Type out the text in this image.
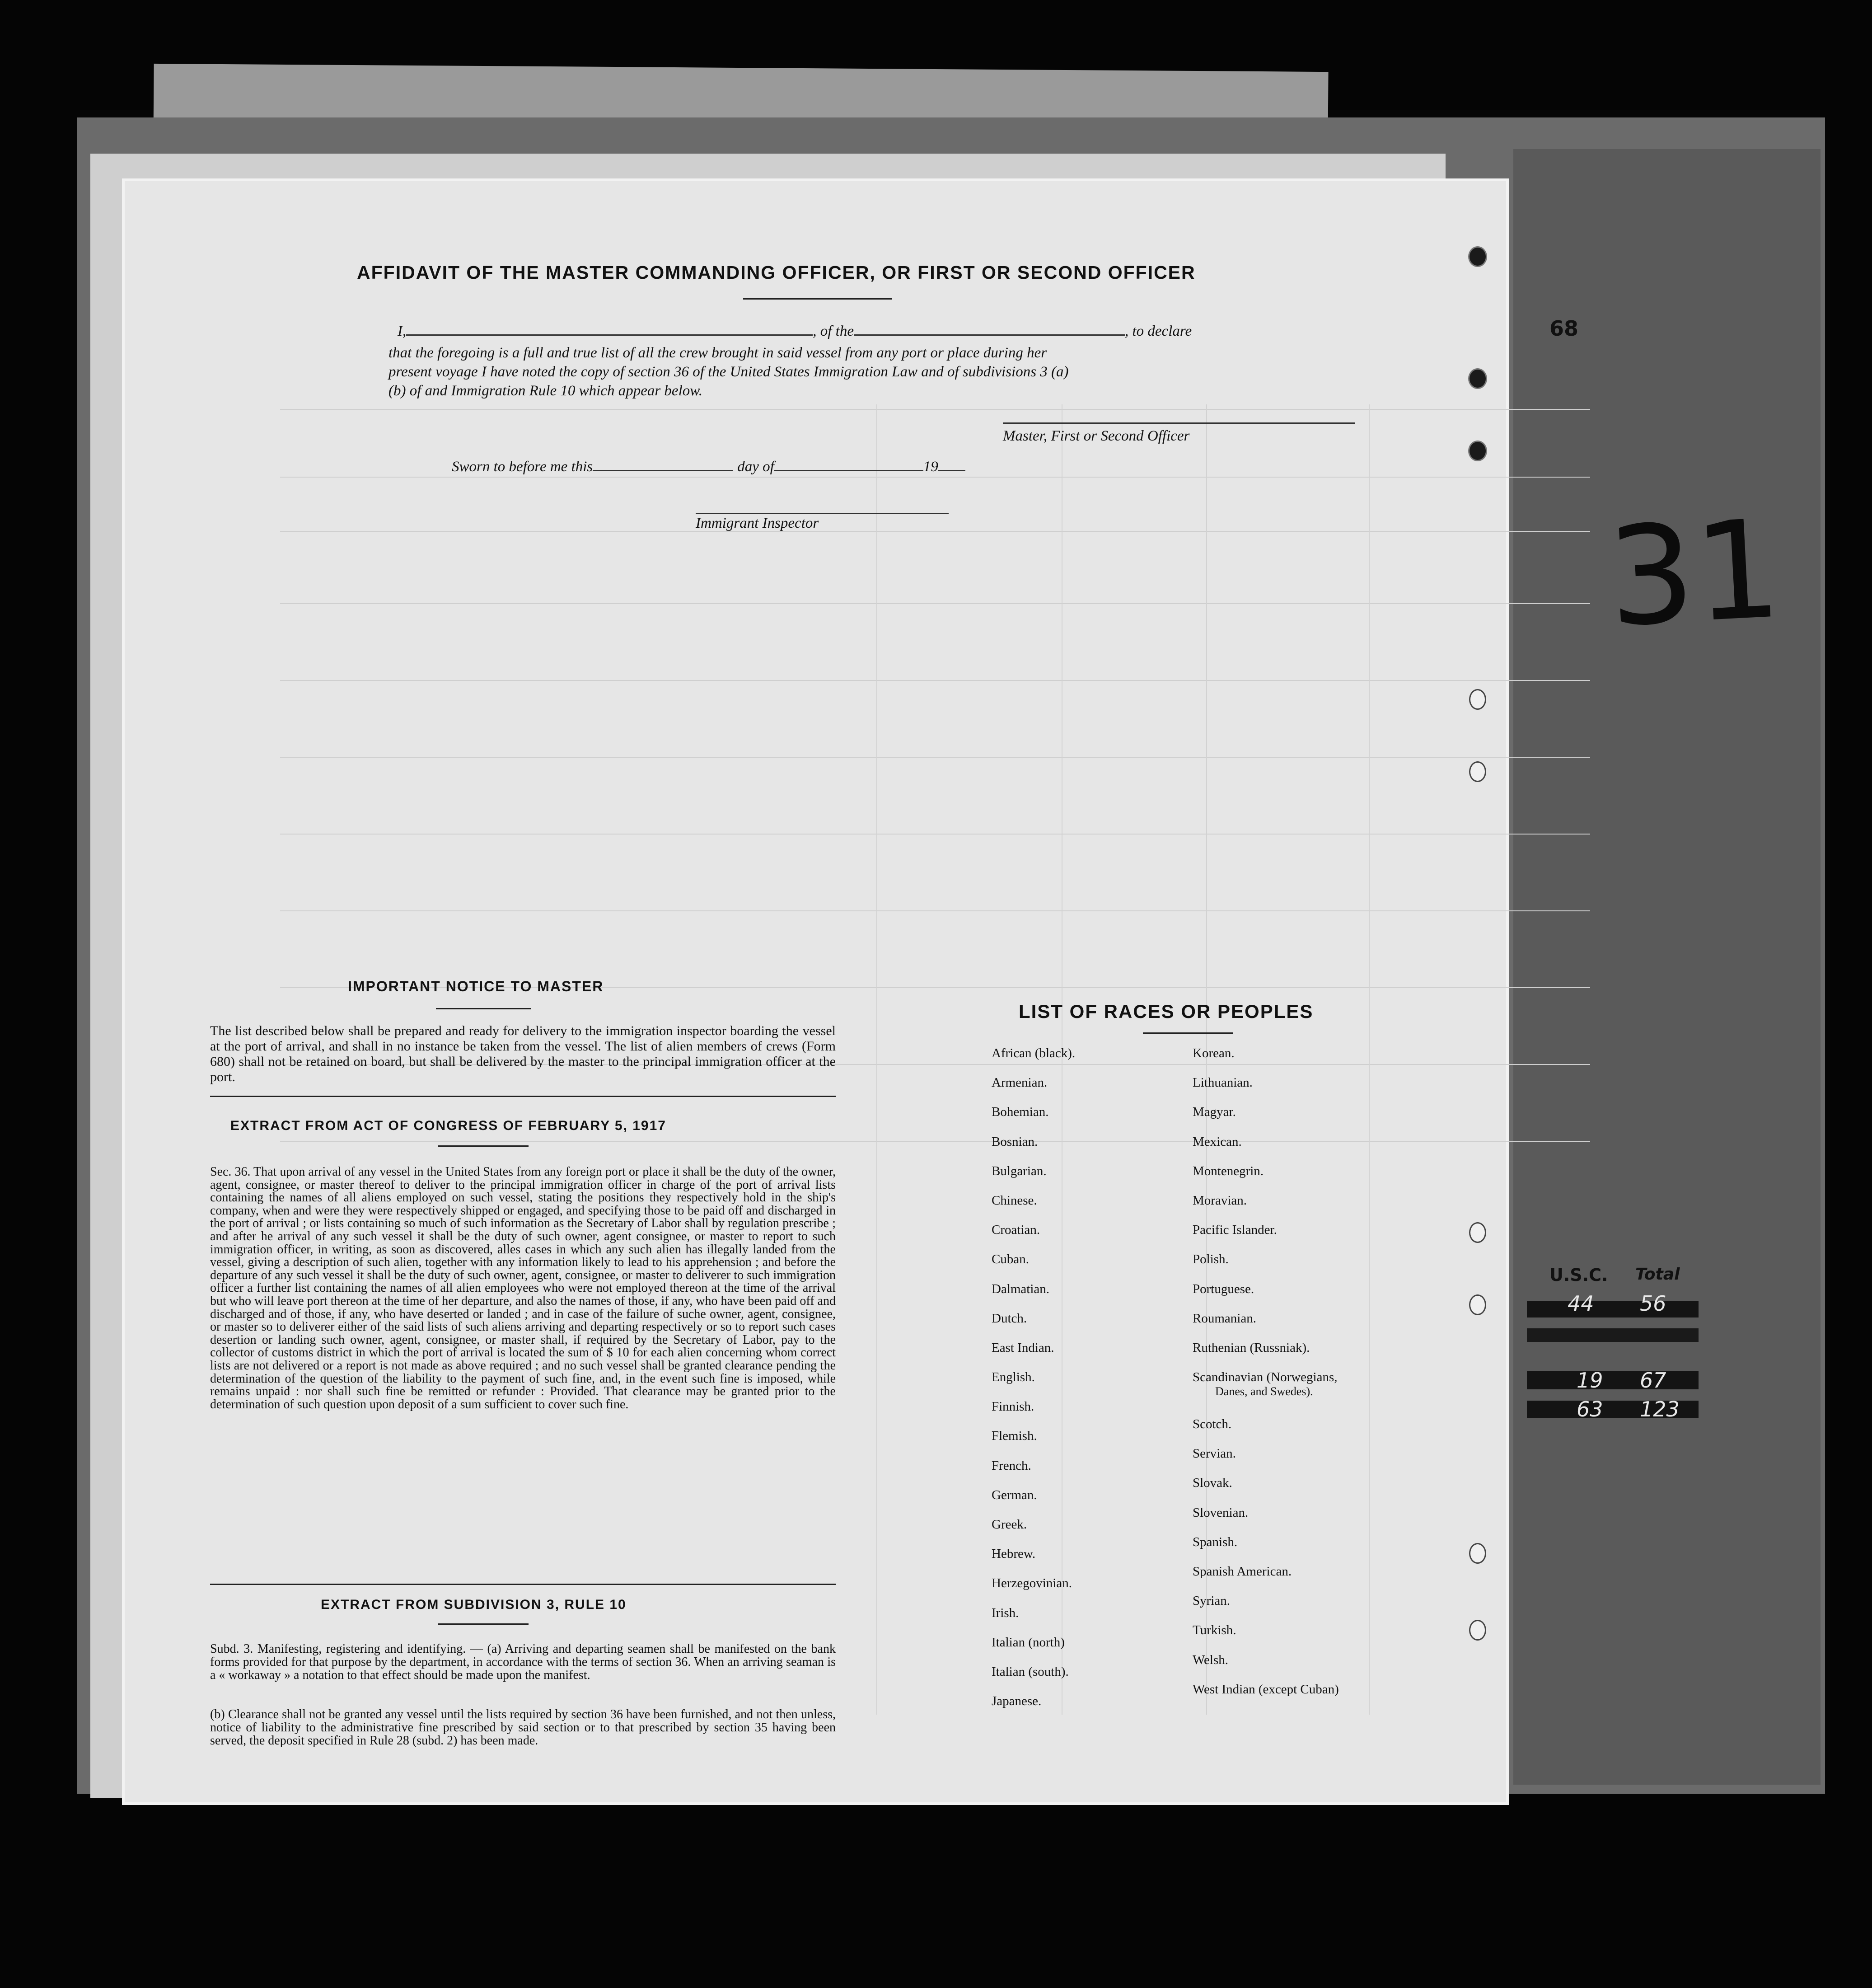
68
31
U.S.C. Total
44 56
19 67
63 123
AFFIDAVIT OF THE MASTER COMMANDING OFFICER, OR FIRST OR SECOND OFFICER
I,	, of the	, to declare
that the foregoing is a full and true list of all the crew brought in said vessel from any port or place during her
present voyage I have noted the copy of section 36 of the United States Immigration Law and of subdivisions 3 (a)
(b) of and Immigration Rule 10 which appear below.
Master, First or Second Officer
Sworn to before me this	day of	19
Immigrant Inspector
IMPORTANT NOTICE TO MASTER
The list described below shall be prepared and ready for delivery to the immigration inspector boarding the vessel at the port of arrival, and shall in no instance be taken from the vessel. The list of alien members of crews (Form 680) shall not be retained on board, but shall be delivered by the master to the principal immigration officer at the port.
EXTRACT FROM ACT OF CONGRESS OF FEBRUARY 5, 1917
Sec. 36. That upon arrival of any vessel in the United States from any foreign port or place it shall be the duty of the owner, agent, consignee, or master thereof to deliver to the principal immigration officer in charge of the port of arrival lists containing the names of all aliens employed on such vessel, stating the positions they respectively hold in the ship's company, when and were they were respectively shipped or engaged, and specifying those to be paid off and discharged in the port of arrival ; or lists containing so much of such information as the Secretary of Labor shall by regulation prescribe ; and after he arrival of any such vessel it shall be the duty of such owner, agent consignee, or master to report to such immigration officer, in writing, as soon as discovered, alles cases in which any such alien has illegally landed from the vessel, giving a description of such alien, together with any information likely to lead to his apprehension ; and before the departure of any such vessel it shall be the duty of such owner, agent, consignee, or master to deliverer to such immigration officer a further list containing the names of all alien employees who were not employed thereon at the time of the arrival but who will leave port thereon at the time of her departure, and also the names of those, if any, who have been paid off and discharged and of those, if any, who have deserted or landed ; and in case of the failure of suche owner, agent, consignee, or master so to deliverer either of the said lists of such aliens arriving and departing respectively or so to report such cases desertion or landing such owner, agent, consignee, or master shall, if required by the Secretary of Labor, pay to the collector of customs district in which the port of arrival is located the sum of $ 10 for each alien concerning whom correct lists are not delivered or a report is not made as above required ; and no such vessel shall be granted clearance pending the determination of the question of the liability to the payment of such fine, and, in the event such fine is imposed, while remains unpaid : nor shall such fine be remitted or refunder : Provided. That clearance may be granted prior to the determination of such question upon deposit of a sum sufficient to cover such fine.
EXTRACT FROM SUBDIVISION 3, RULE 10
Subd. 3. Manifesting, registering and identifying. — (a) Arriving and departing seamen shall be manifested on the bank forms provided for that purpose by the department, in accordance with the terms of section 36. When an arriving seaman is a « workaway » a notation to that effect should be made upon the manifest.
(b) Clearance shall not be granted any vessel until the lists required by section 36 have been furnished, and not then unless, notice of liability to the administrative fine prescribed by said section or to that prescribed by section 35 having been served, the deposit specified in Rule 28 (subd. 2) has been made.
LIST OF RACES OR PEOPLES
African (black).
Armenian.
Bohemian.
Bosnian.
Bulgarian.
Chinese.
Croatian.
Cuban.
Dalmatian.
Dutch.
East Indian.
English.
Finnish.
Flemish.
French.
German.
Greek.
Hebrew.
Herzegovinian.
Irish.
Italian (north)
Italian (south).
Japanese.
Korean.
Lithuanian.
Magyar.
Mexican.
Montenegrin.
Moravian.
Pacific Islander.
Polish.
Portuguese.
Roumanian.
Ruthenian (Russniak).
Scandinavian (Norwegians,
Danes, and Swedes).
Scotch.
Servian.
Slovak.
Slovenian.
Spanish.
Spanish American.
Syrian.
Turkish.
Welsh.
West Indian (except Cuban)
